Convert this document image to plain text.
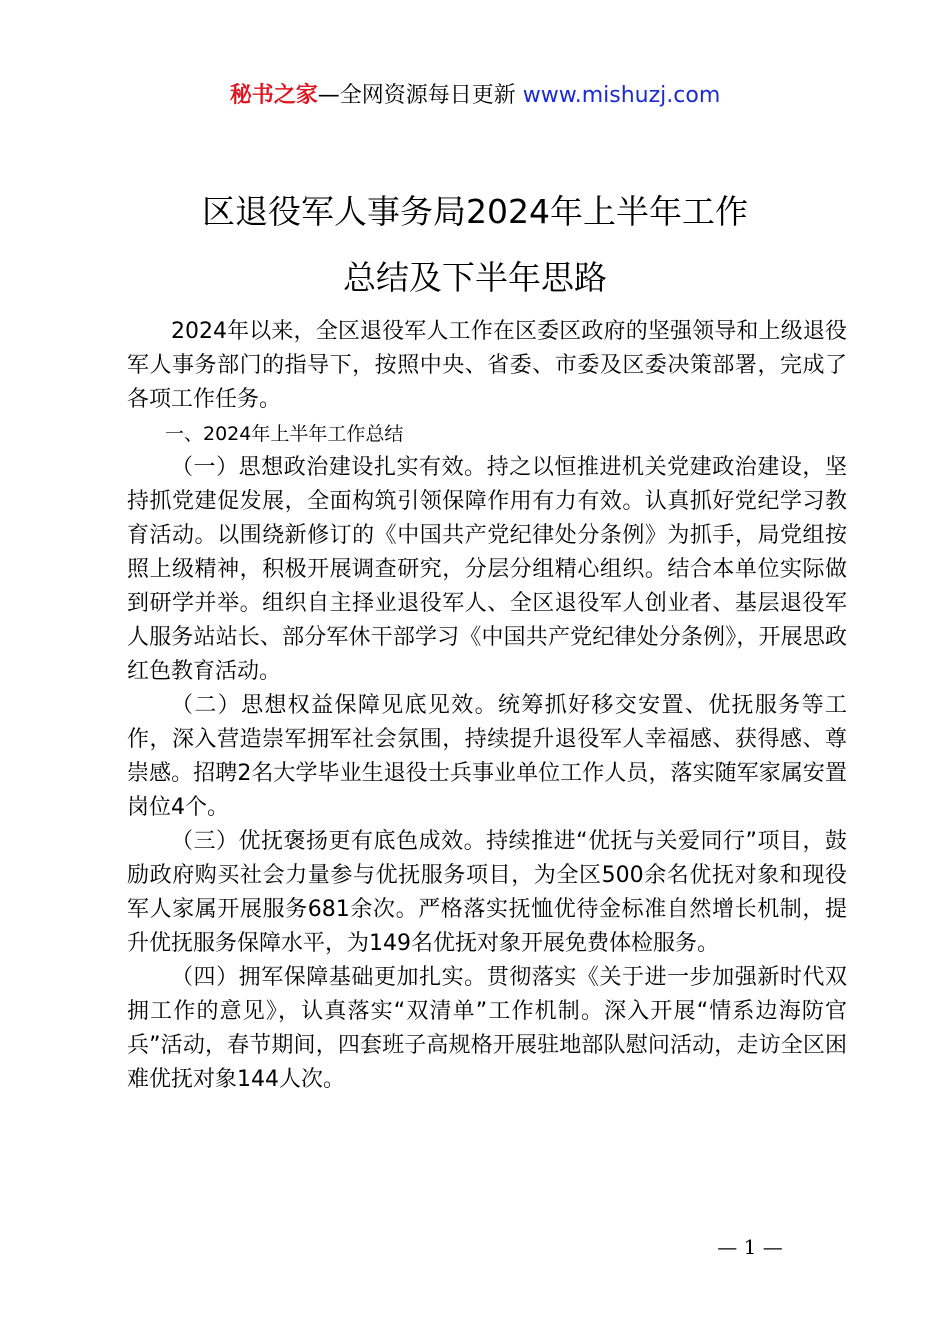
秘书之家—全网资源每日更新 www.mishuzj.com
区退役军人事务局2024年上半年工作
总结及下半年思路

2024年以来，全区退役军人工作在区委区政府的坚强领导和上级退役军人事务部门的指导下，按照中央、省委、市委及区委决策部署，完成了各项工作任务。

一、2024年上半年工作总结

（一）思想政治建设扎实有效。持之以恒推进机关党建政治建设，坚持抓党建促发展，全面构筑引领保障作用有力有效。认真抓好党纪学习教育活动。以围绕新修订的《中国共产党纪律处分条例》为抓手，局党组按照上级精神，积极开展调查研究，分层分组精心组织。结合本单位实际做到研学并举。组织自主择业退役军人、全区退役军人创业者、基层退役军人服务站站长、部分军休干部学习《中国共产党纪律处分条例》，开展思政红色教育活动。

（二）思想权益保障见底见效。统筹抓好移交安置、优抚服务等工作，深入营造崇军拥军社会氛围，持续提升退役军人幸福感、获得感、尊崇感。招聘2名大学毕业生退役士兵事业单位工作人员，落实随军家属安置岗位4个。

（三）优抚褒扬更有底色成效。持续推进“优抚与关爱同行”项目，鼓励政府购买社会力量参与优抚服务项目，为全区500余名优抚对象和现役军人家属开展服务681余次。严格落实抚恤优待金标准自然增长机制，提升优抚服务保障水平，为149名优抚对象开展免费体检服务。

（四）拥军保障基础更加扎实。贯彻落实《关于进一步加强新时代双拥工作的意见》，认真落实“双清单”工作机制。深入开展“情系边海防官兵”活动，春节期间，四套班子高规格开展驻地部队慰问活动，走访全区困难优抚对象144人次。

— 1 —
